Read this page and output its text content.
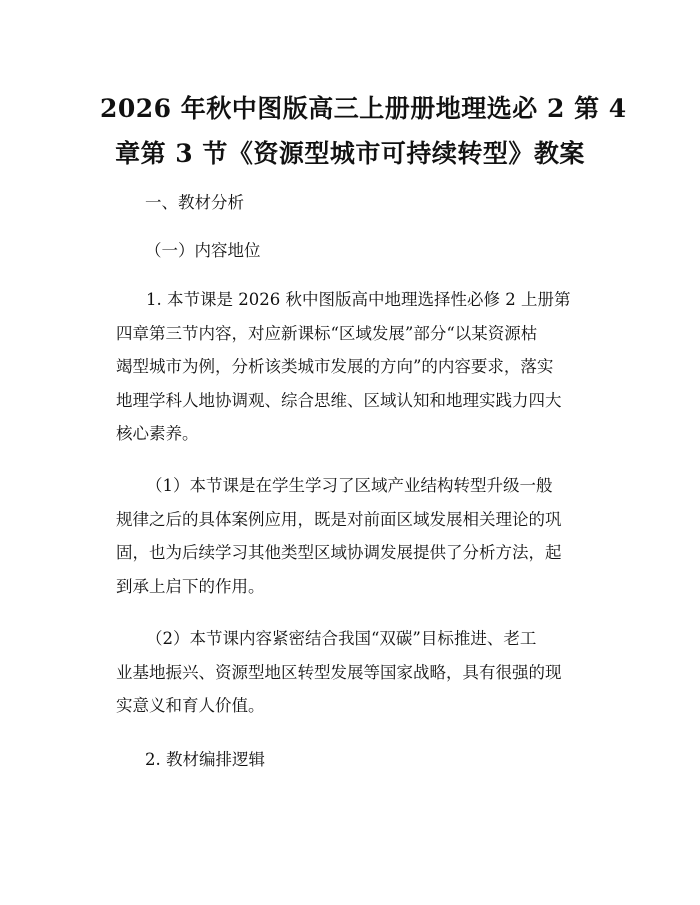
2026 年秋中图版高三上册册地理选必 2 第 4
章第 3 节《资源型城市可持续转型》教案
一、教材分析
（一）内容地位

1. 本节课是 2026 秋中图版高中地理选择性必修 2 上册第
四章第三节内容，对应新课标“区域发展”部分“以某资源枯
竭型城市为例，分析该类城市发展的方向”的内容要求，落实
地理学科人地协调观、综合思维、区域认知和地理实践力四大
核心素养。

（1）本节课是在学生学习了区域产业结构转型升级一般
规律之后的具体案例应用，既是对前面区域发展相关理论的巩
固，也为后续学习其他类型区域协调发展提供了分析方法，起
到承上启下的作用。

（2）本节课内容紧密结合我国“双碳”目标推进、老工
业基地振兴、资源型地区转型发展等国家战略，具有很强的现
实意义和育人价值。

2. 教材编排逻辑
